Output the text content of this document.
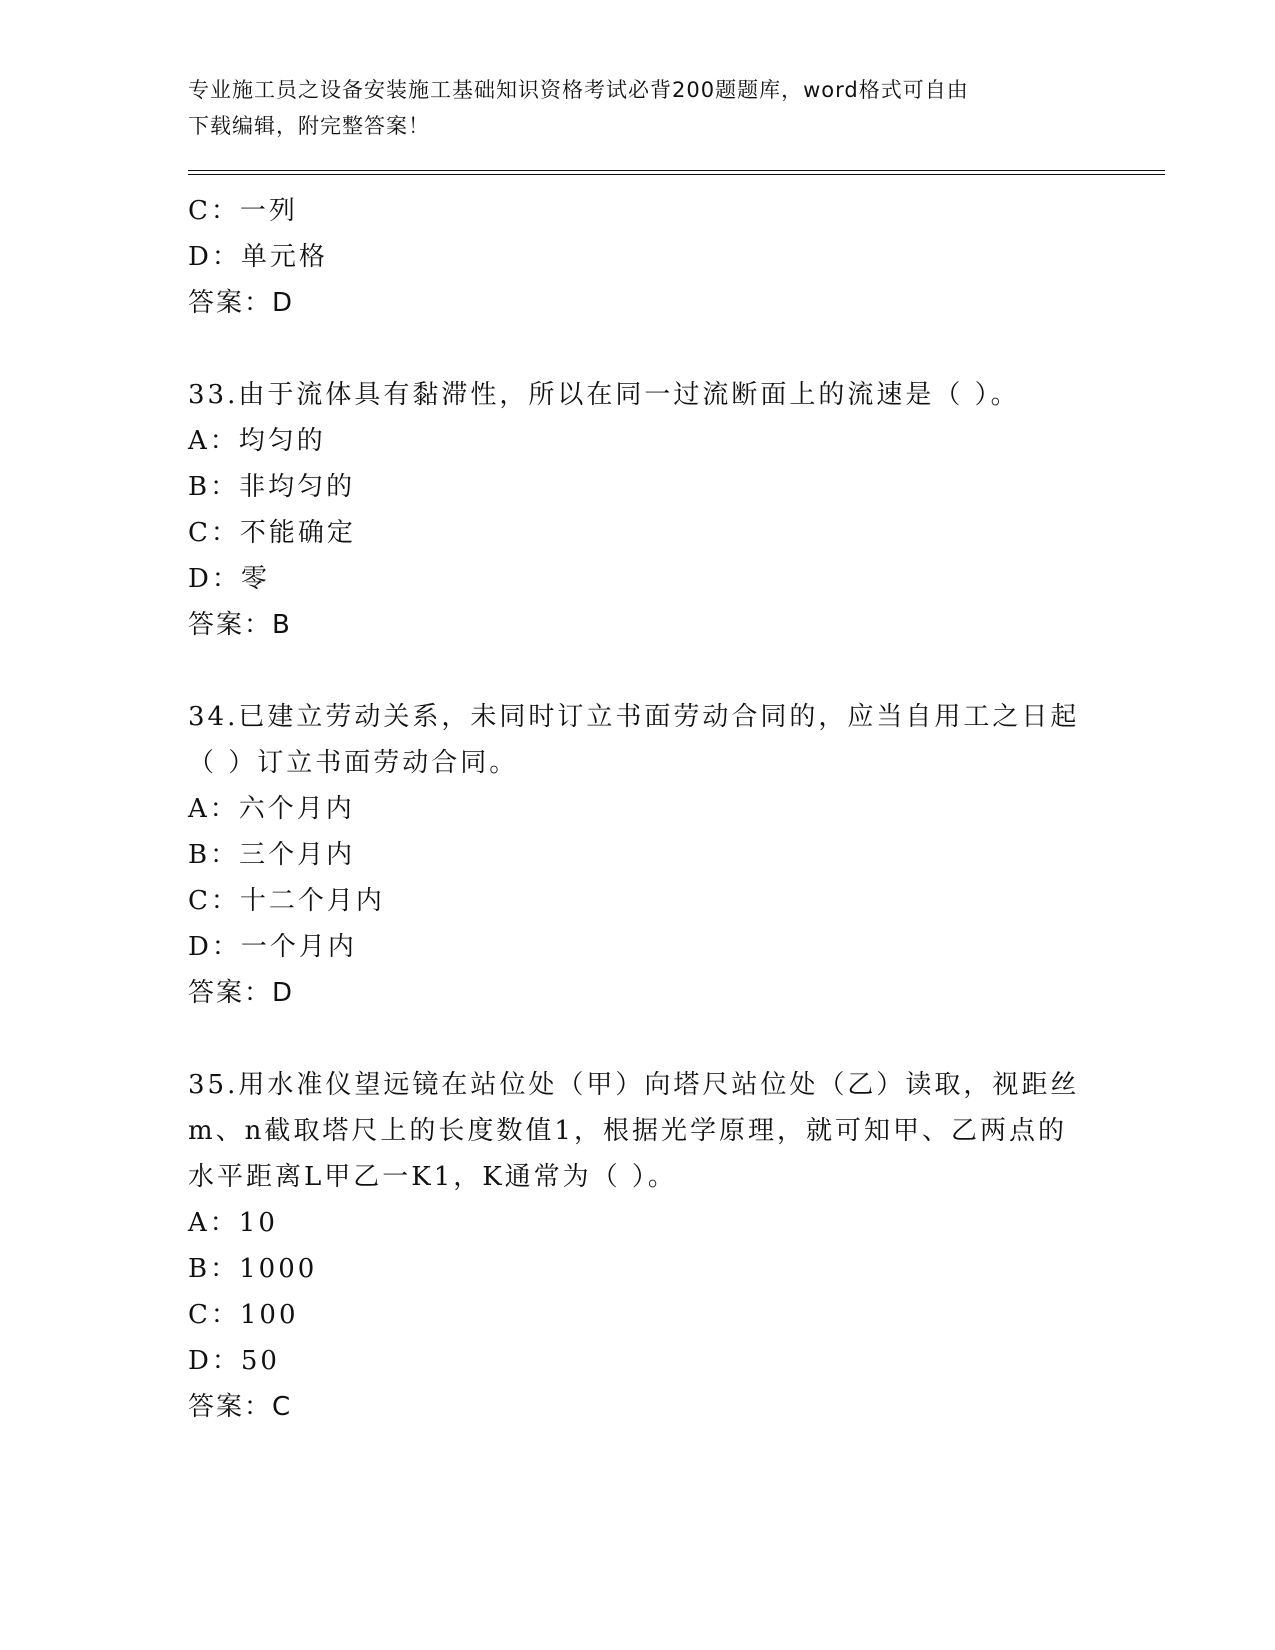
专业施工员之设备安装施工基础知识资格考试必背200题题库，word格式可自由
下载编辑，附完整答案！
C：一列
D：单元格
答案：D
33.由于流体具有黏滞性，所以在同一过流断面上的流速是（ ）。
A：均匀的
B：非均匀的
C：不能确定
D：零
答案：B
34.已建立劳动关系，未同时订立书面劳动合同的，应当自用工之日起
（ ）订立书面劳动合同。
A：六个月内
B：三个月内
C：十二个月内
D：一个月内
答案：D
35.用水准仪望远镜在站位处（甲）向塔尺站位处（乙）读取，视距丝
m、n截取塔尺上的长度数值1，根据光学原理，就可知甲、乙两点的
水平距离L甲乙一K1，K通常为（ ）。
A：10
B：1000
C：100
D：50
答案：C
